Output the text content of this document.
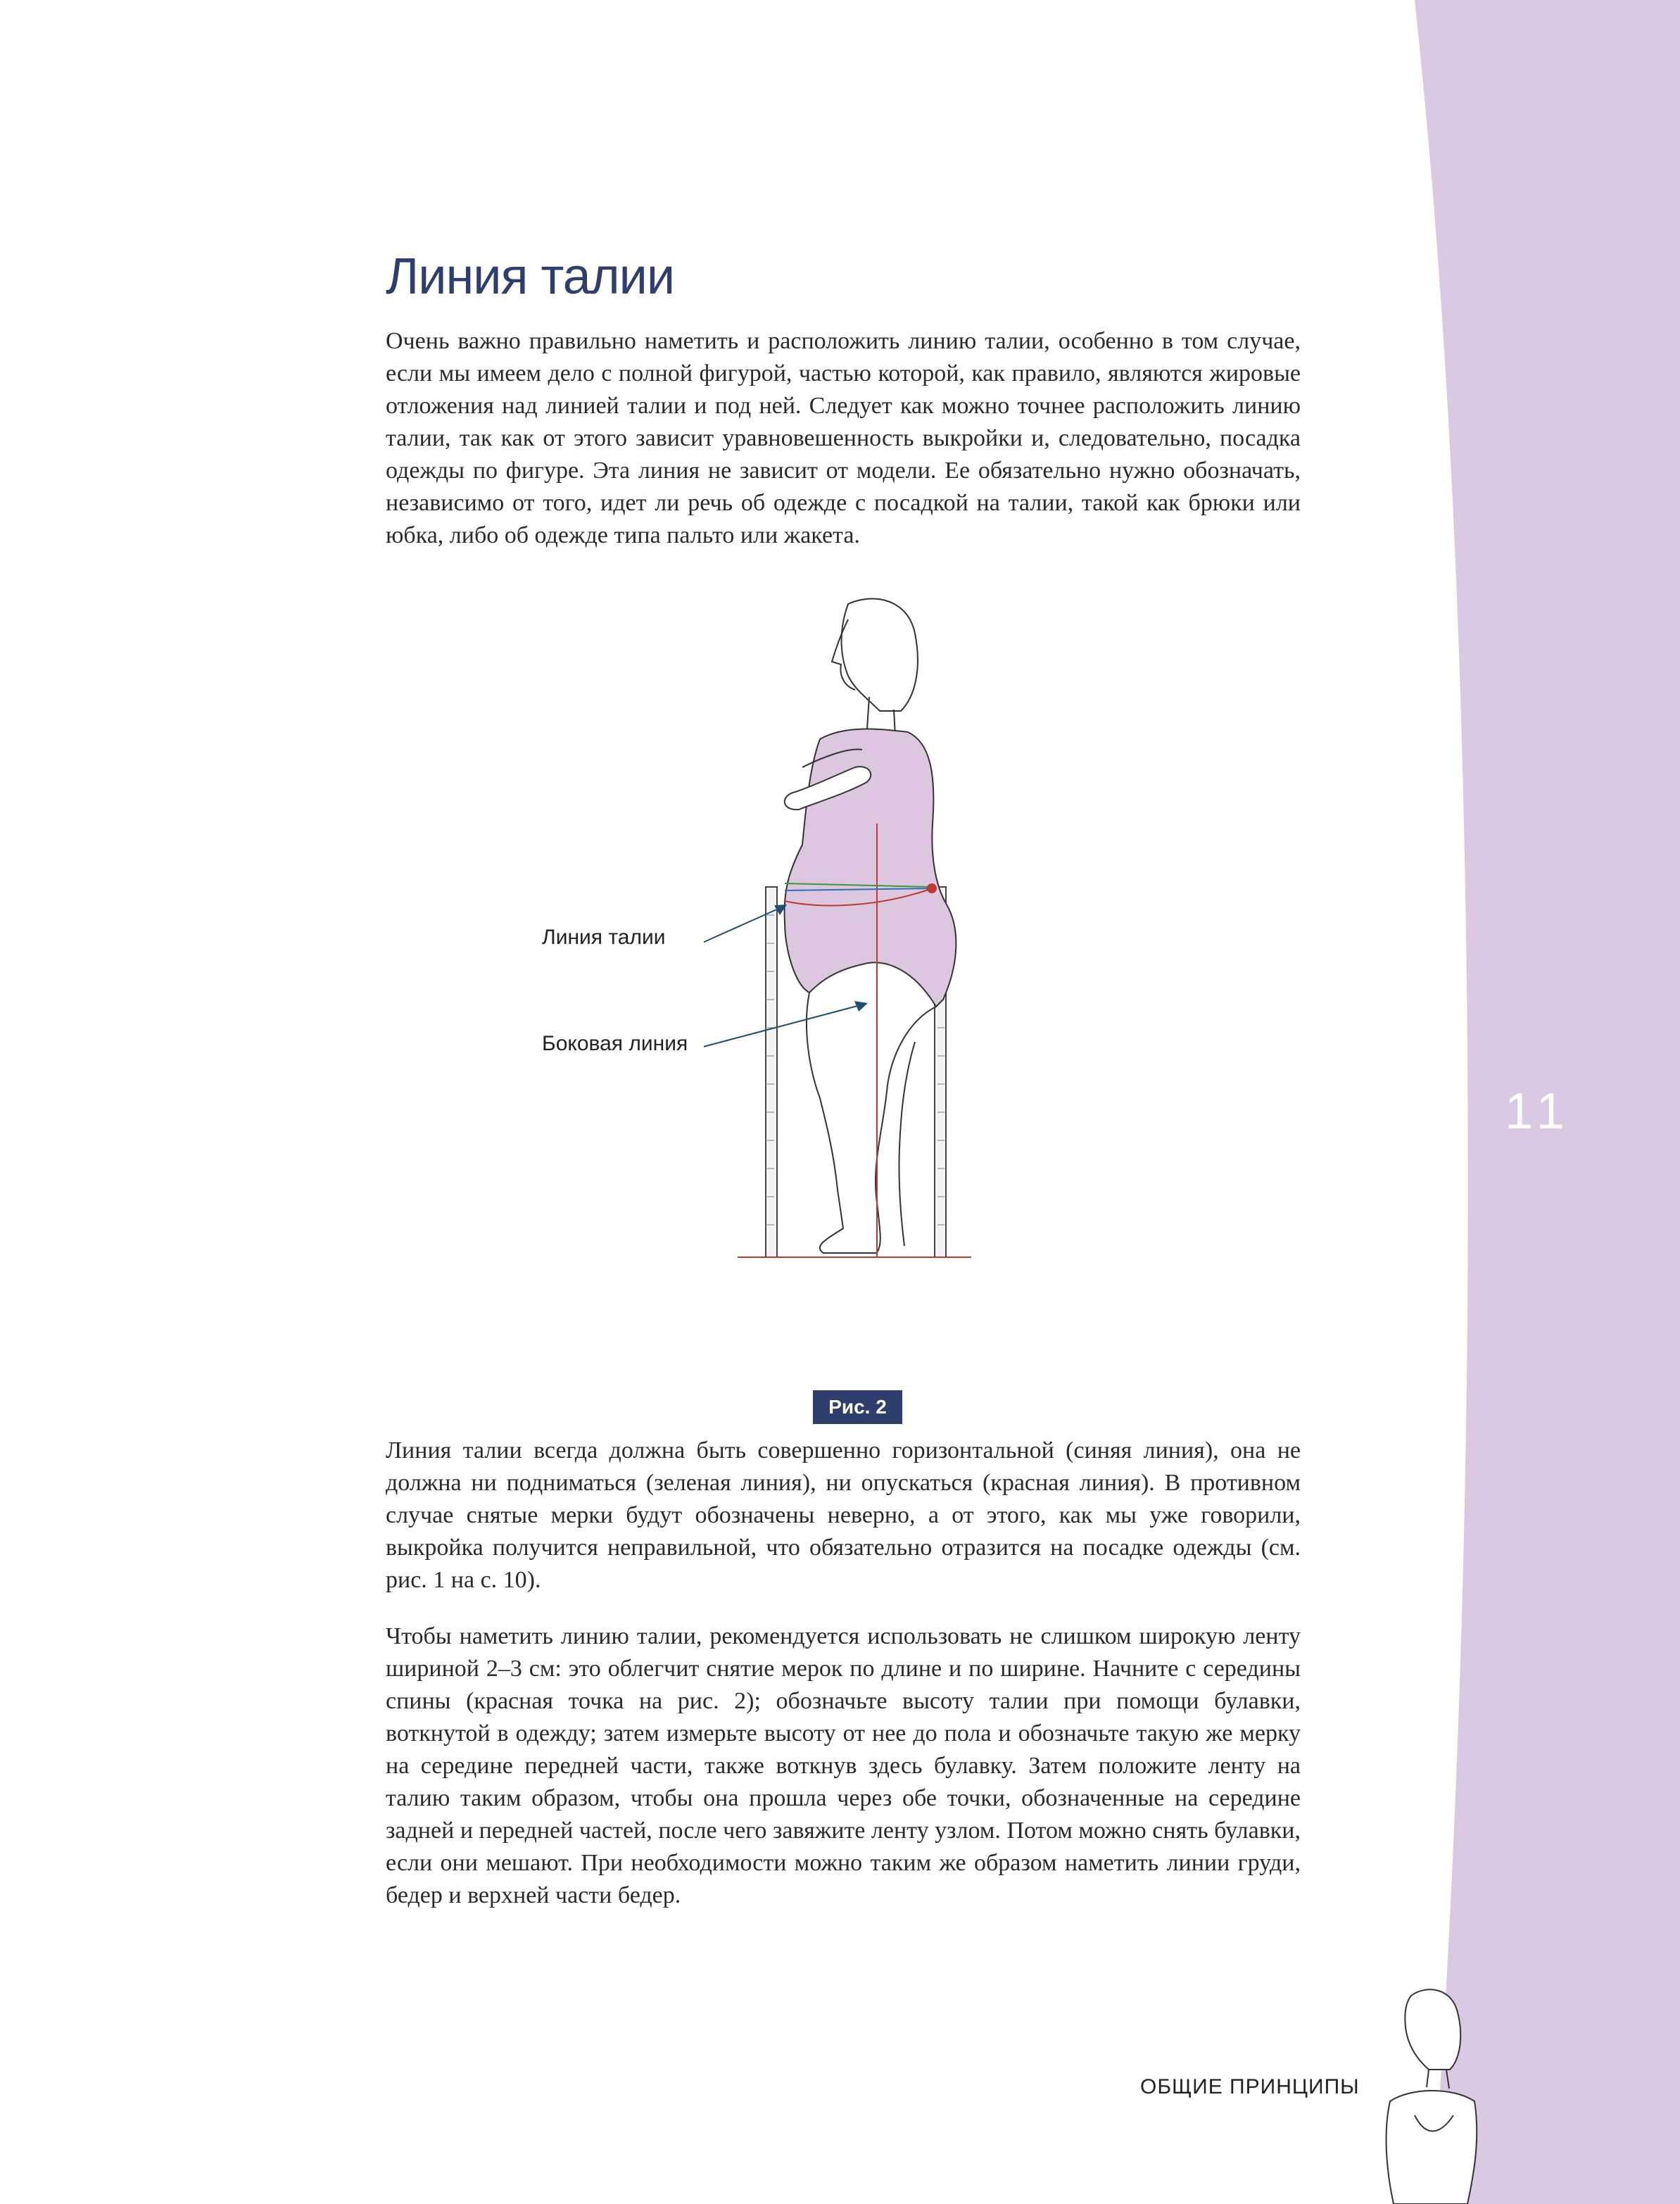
Линия талии

Очень важно правильно наметить и расположить линию талии, особенно в том случае, если мы имеем дело с полной фигурой, частью которой, как правило, являются жировые отложения над линией талии и под ней. Следует как можно точнее расположить линию талии, так как от этого зависит уравновешенность выкройки и, следовательно, посадка одежды по фигуре. Эта линия не зависит от модели. Ее обязательно нужно обозначать, независимо от того, идет ли речь об одежде с посадкой на талии, такой как брюки или юбка, либо об одежде типа пальто или жакета.

Линия талии
Боковая линия
Рис. 2

Линия талии всегда должна быть совершенно горизонтальной (синяя линия), она не должна ни подниматься (зеленая линия), ни опускаться (красная линия). В противном случае снятые мерки будут обозначены неверно, а от этого, как мы уже говорили, выкройка получится неправильной, что обязательно отразится на посадке одежды (см. рис. 1 на с. 10).

Чтобы наметить линию талии, рекомендуется использовать не слишком широкую ленту шириной 2–3 см: это облегчит снятие мерок по длине и по ширине. Начните с середины спины (красная точка на рис. 2); обозначьте высоту талии при помощи булавки, воткнутой в одежду; затем измерьте высоту от нее до пола и обозначьте такую же мерку на середине передней части, также воткнув здесь булавку. Затем положите ленту на талию таким образом, чтобы она прошла через обе точки, обозначенные на середине задней и передней частей, после чего завяжите ленту узлом. Потом можно снять булавки, если они мешают. При необходимости можно таким же образом наметить линии груди, бедер и верхней части бедер.

11
ОБЩИЕ ПРИНЦИПЫ
